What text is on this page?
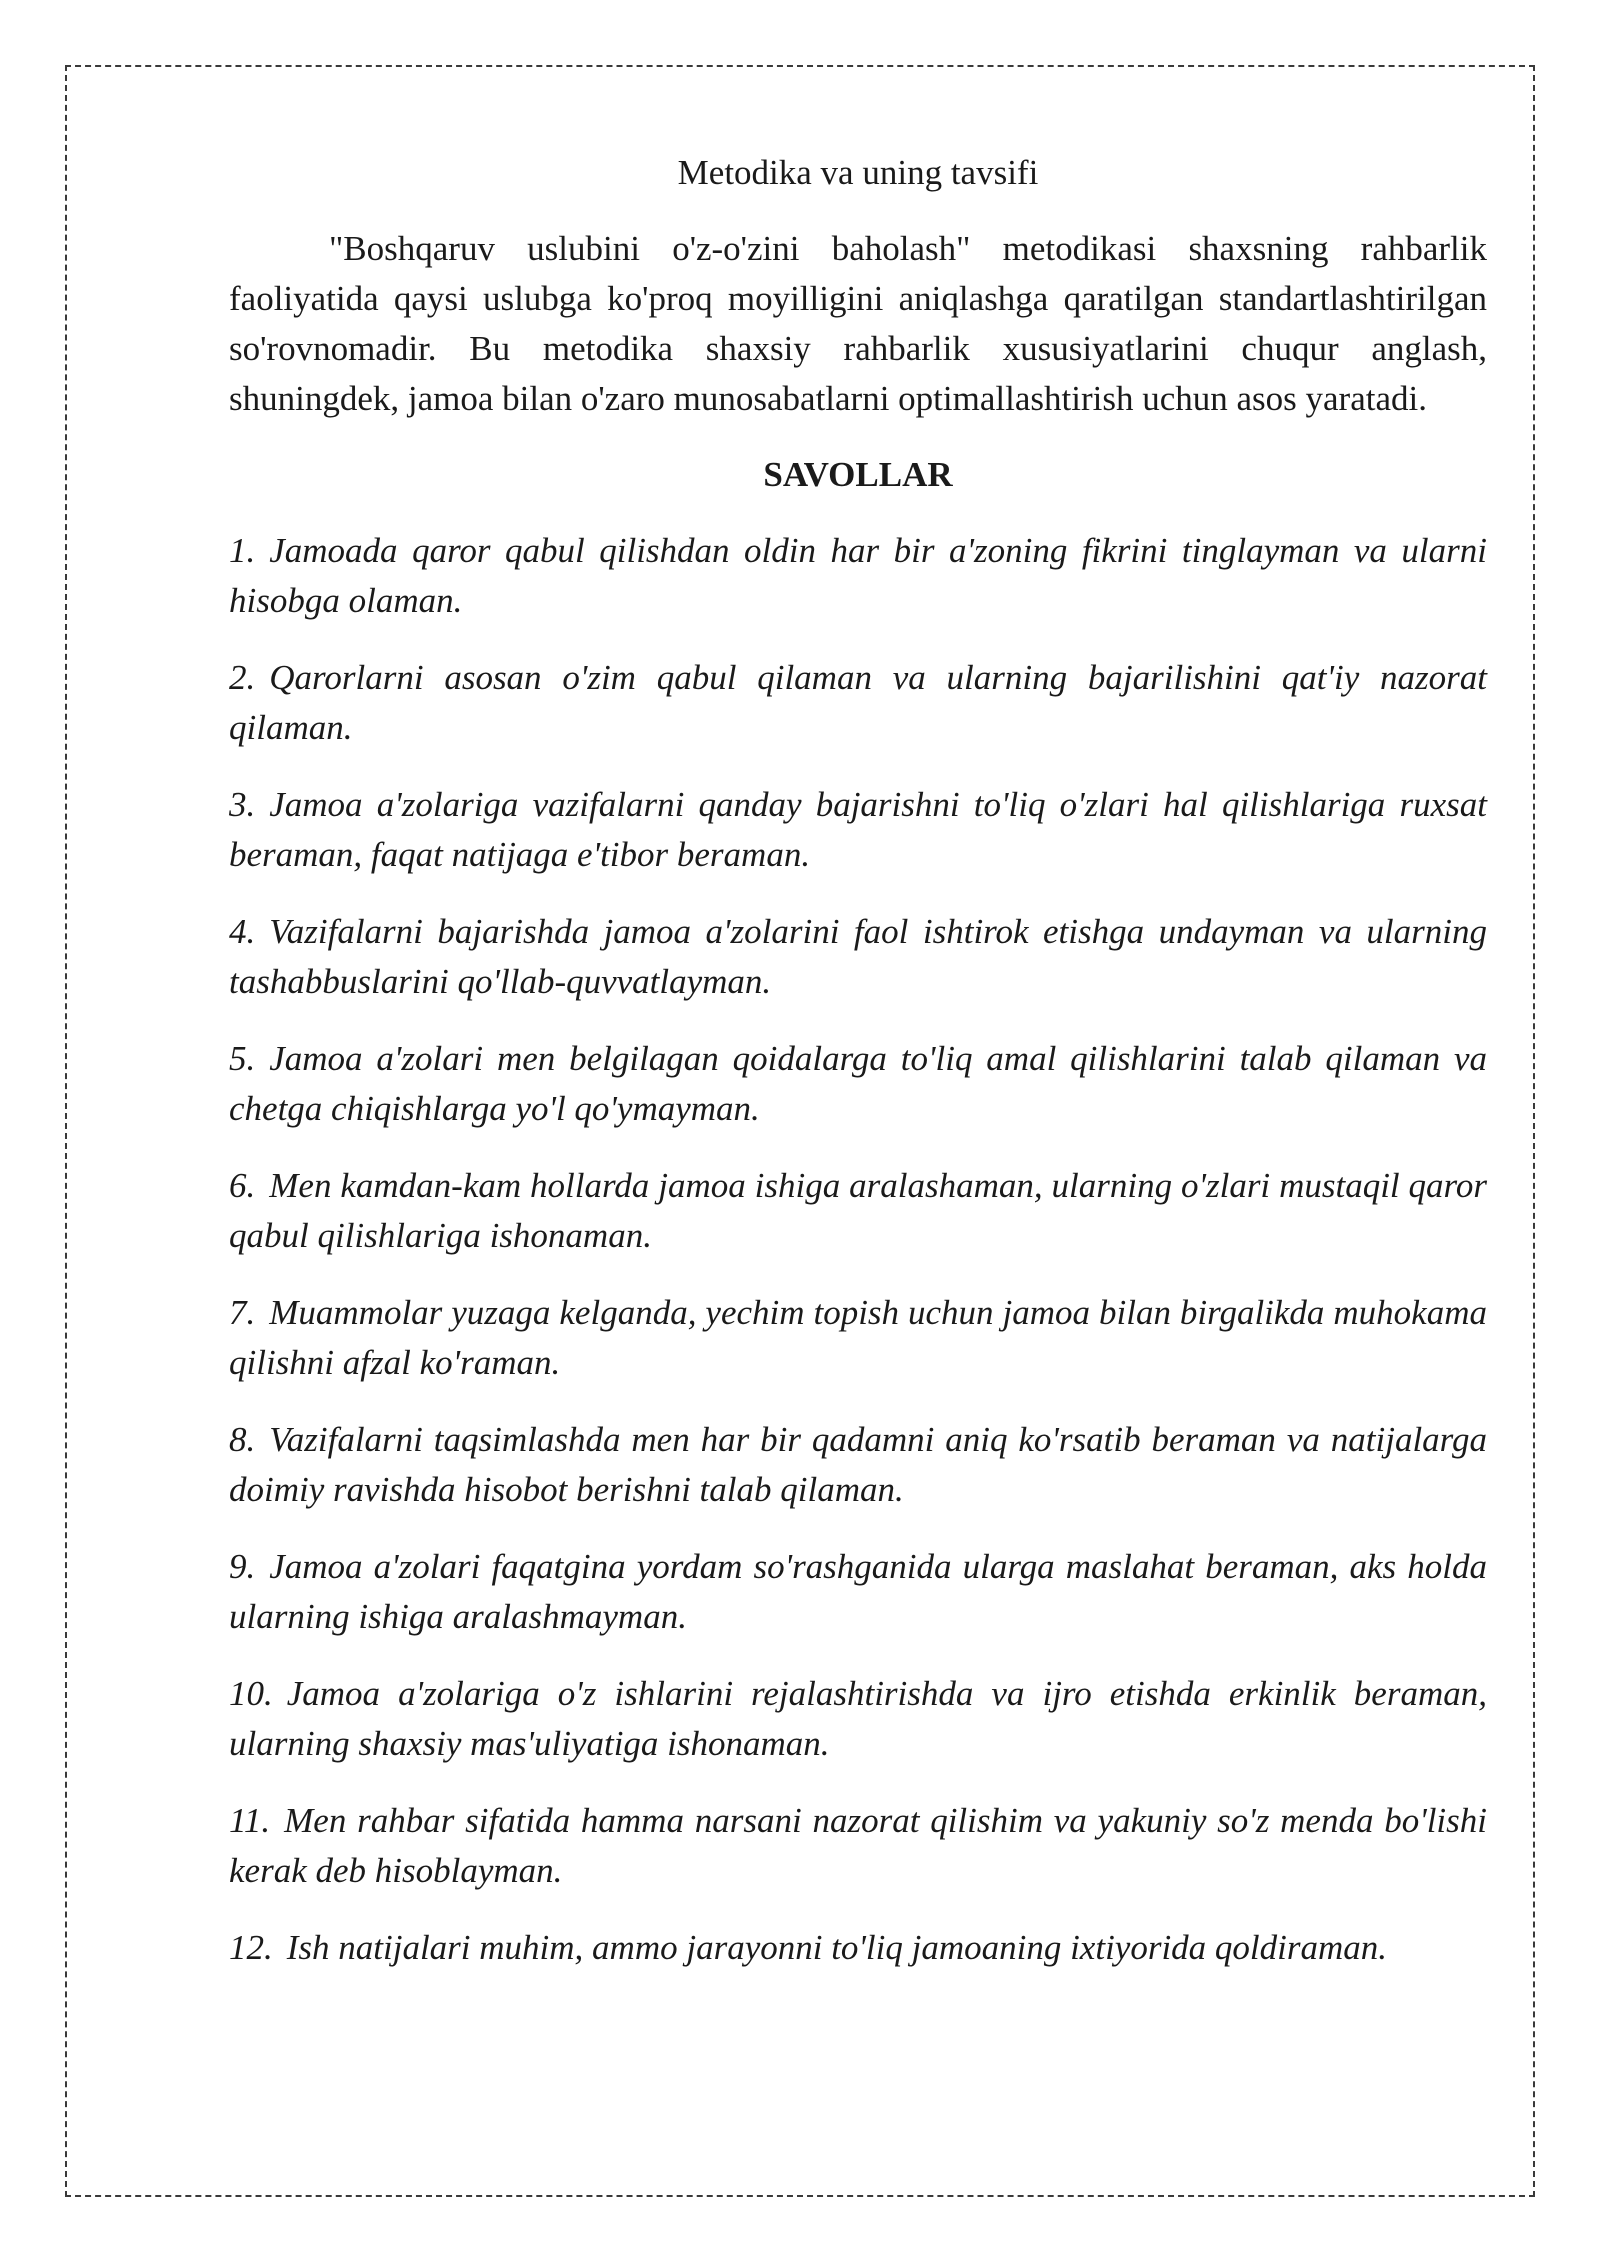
Metodika va uning tavsifi

"Boshqaruv uslubini o'z-o'zini baholash" metodikasi shaxsning rahbarlik faoliyatida qaysi uslubga ko'proq moyilligini aniqlashga qaratilgan standartlashtirilgan so'rovnomadir. Bu metodika shaxsiy rahbarlik xususiyatlarini chuqur anglash, shuningdek, jamoa bilan o'zaro munosabatlarni optimallashtirish uchun asos yaratadi.

SAVOLLAR

1. Jamoada qaror qabul qilishdan oldin har bir a'zoning fikrini tinglayman va ularni hisobga olaman.
2. Qarorlarni asosan o'zim qabul qilaman va ularning bajarilishini qat'iy nazorat qilaman.
3. Jamoa a'zolariga vazifalarni qanday bajarishni to'liq o'zlari hal qilishlariga ruxsat beraman, faqat natijaga e'tibor beraman.
4. Vazifalarni bajarishda jamoa a'zolarini faol ishtirok etishga undayman va ularning tashabbuslarini qo'llab-quvvatlayman.
5. Jamoa a'zolari men belgilagan qoidalarga to'liq amal qilishlarini talab qilaman va chetga chiqishlarga yo'l qo'ymayman.
6. Men kamdan-kam hollarda jamoa ishiga aralashaman, ularning o'zlari mustaqil qaror qabul qilishlariga ishonaman.
7. Muammolar yuzaga kelganda, yechim topish uchun jamoa bilan birgalikda muhokama qilishni afzal ko'raman.
8. Vazifalarni taqsimlashda men har bir qadamni aniq ko'rsatib beraman va natijalarga doimiy ravishda hisobot berishni talab qilaman.
9. Jamoa a'zolari faqatgina yordam so'rashganida ularga maslahat beraman, aks holda ularning ishiga aralashmayman.
10. Jamoa a'zolariga o'z ishlarini rejalashtirishda va ijro etishda erkinlik beraman, ularning shaxsiy mas'uliyatiga ishonaman.
11. Men rahbar sifatida hamma narsani nazorat qilishim va yakuniy so'z menda bo'lishi kerak deb hisoblayman.
12. Ish natijalari muhim, ammo jarayonni to'liq jamoaning ixtiyorida qoldiraman.
